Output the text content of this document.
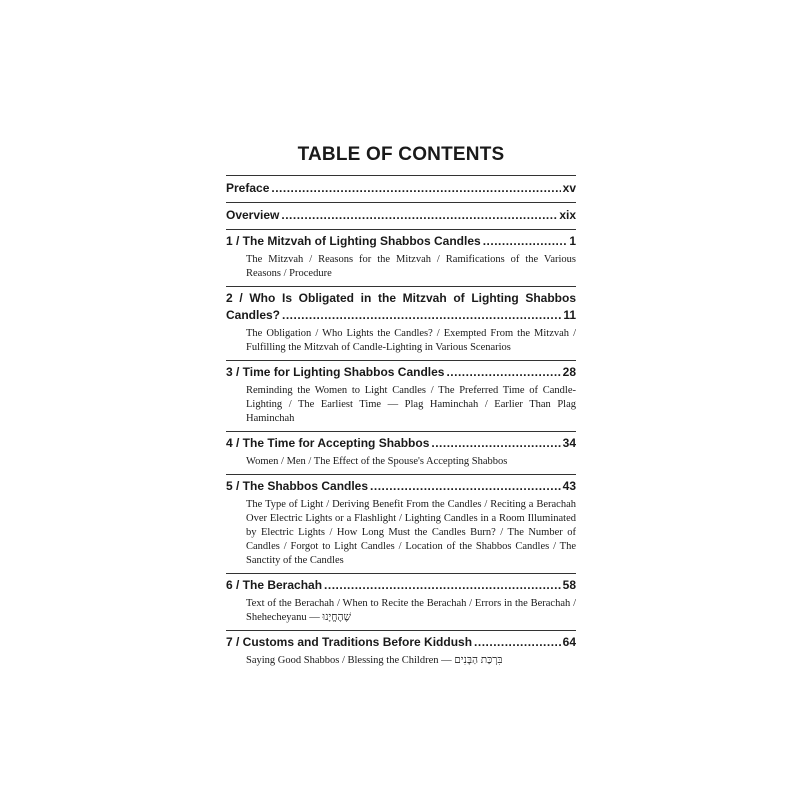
TABLE OF CONTENTS
Preface .....	xv
Overview .....	xix
1 / The Mitzvah of Lighting Shabbos Candles .....	1
The Mitzvah / Reasons for the Mitzvah / Ramifications of the Various Reasons / Procedure
2 / Who Is Obligated in the Mitzvah of Lighting Shabbos
Candles? .....	11
The Obligation / Who Lights the Candles? / Exempted From the Mitzvah / Fulfilling the Mitzvah of Candle-Lighting in Various Scenarios
3 / Time for Lighting Shabbos Candles .....	28
Reminding the Women to Light Candles / The Preferred Time of Candle-Lighting / The Earliest Time — Plag Haminchah / Earlier Than Plag Haminchah
4 / The Time for Accepting Shabbos .....	34
Women / Men / The Effect of the Spouse's Accepting Shabbos
5 / The Shabbos Candles .....	43
The Type of Light / Deriving Benefit From the Candles / Reciting a Berachah Over Electric Lights or a Flashlight / Lighting Candles in a Room Illuminated by Electric Lights / How Long Must the Candles Burn? / The Number of Candles / Forgot to Light Candles / Location of the Shabbos Candles / The Sanctity of the Candles
6 / The Berachah .....	58
Text of the Berachah / When to Recite the Berachah / Errors in the Berachah / Shehecheyanu — שֶׁהֶחֱיָנוּ
7 / Customs and Traditions Before Kiddush .....	64
Saying Good Shabbos / Blessing the Children — בִּרְכַּת הַבָּנִים
